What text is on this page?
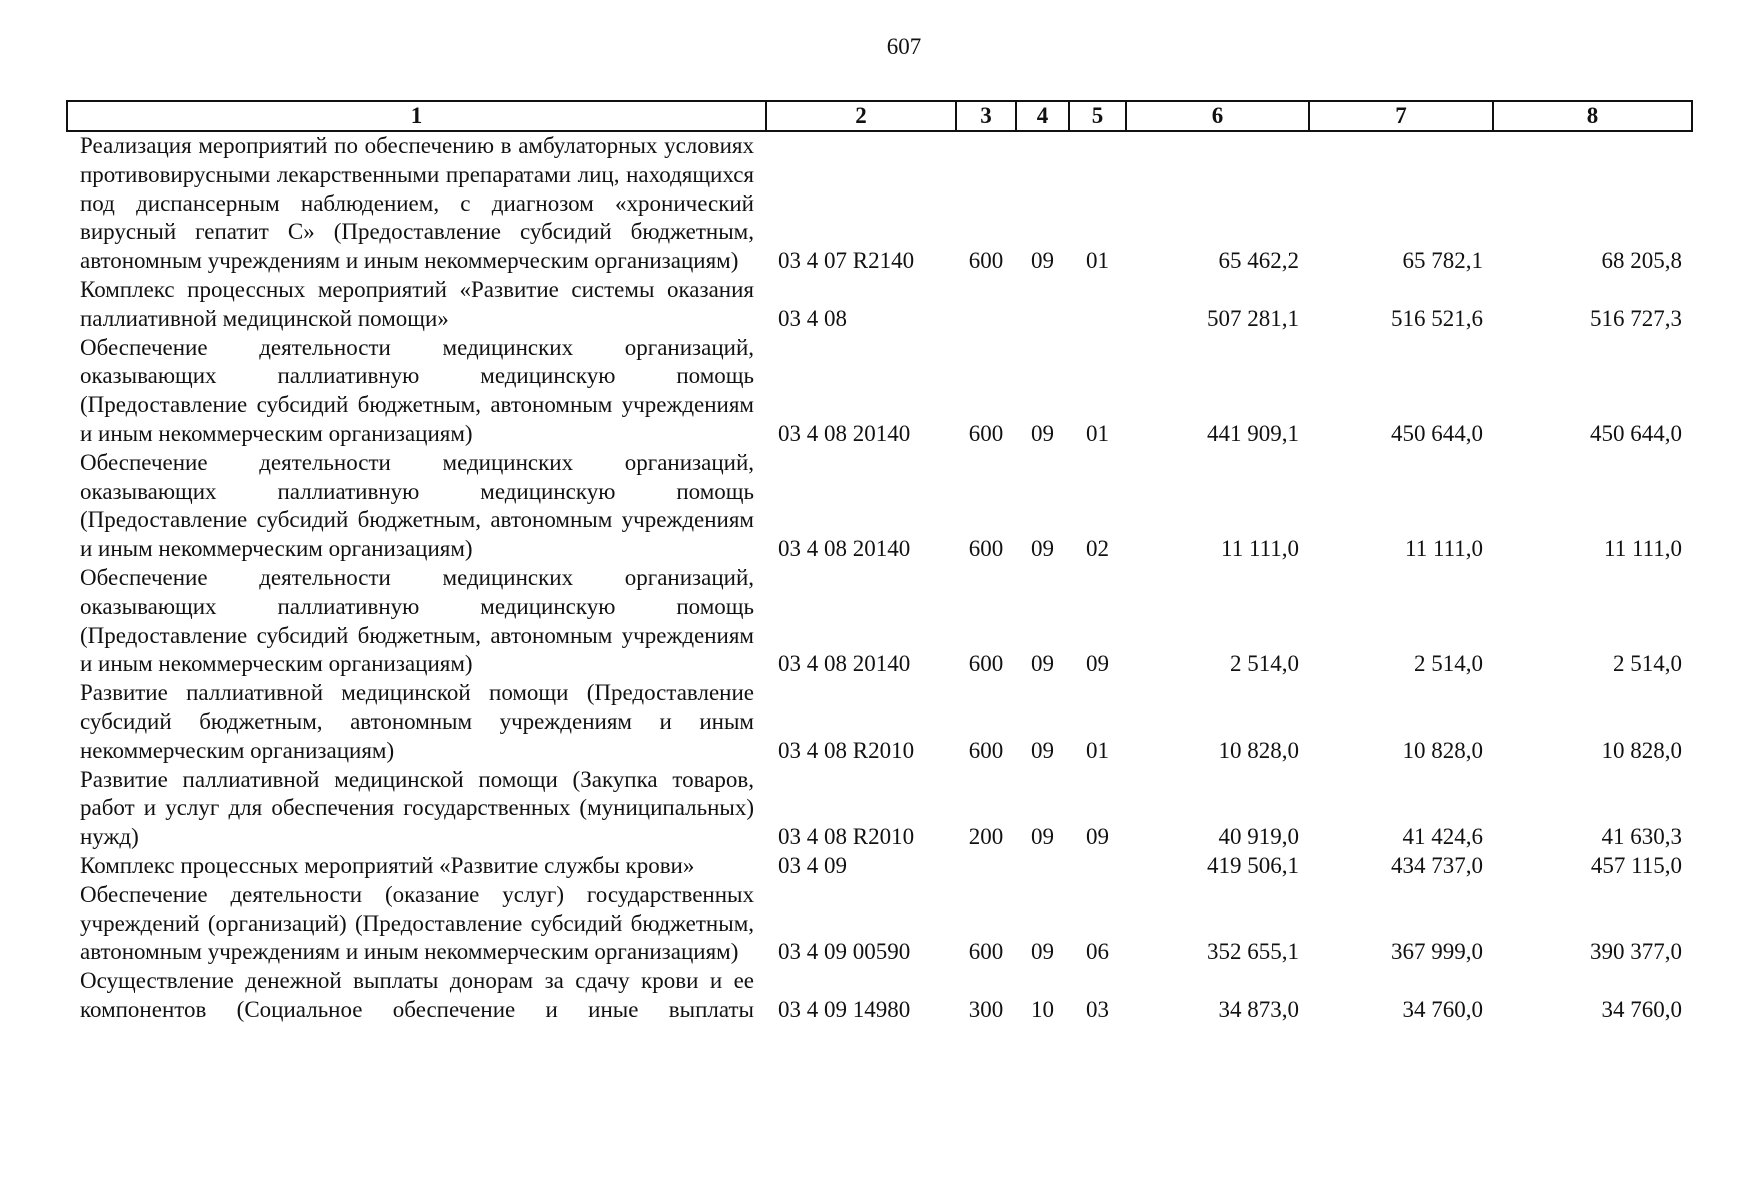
607
1	2	3	4	5	6	7	8
Реализация мероприятий по обеспечению в амбулаторных условиях противовирусными лекарственными препаратами лиц, находящихся под диспансерным наблюдением, с диагнозом «хронический вирусный гепатит С» (Предоставление субсидий бюджетным, автономным учреждениям и иным некоммерческим организациям)	03 4 07 R2140	600	09	01	65 462,2	65 782,1	68 205,8
Комплекс процессных мероприятий «Развитие системы оказания паллиативной медицинской помощи»	03 4 08				507 281,1	516 521,6	516 727,3
Обеспечение деятельности медицинских организаций, оказывающих паллиативную медицинскую помощь (Предоставление субсидий бюджетным, автономным учреждениям и иным некоммерческим организациям)	03 4 08 20140	600	09	01	441 909,1	450 644,0	450 644,0
Обеспечение деятельности медицинских организаций, оказывающих паллиативную медицинскую помощь (Предоставление субсидий бюджетным, автономным учреждениям и иным некоммерческим организациям)	03 4 08 20140	600	09	02	11 111,0	11 111,0	11 111,0
Обеспечение деятельности медицинских организаций, оказывающих паллиативную медицинскую помощь (Предоставление субсидий бюджетным, автономным учреждениям и иным некоммерческим организациям)	03 4 08 20140	600	09	09	2 514,0	2 514,0	2 514,0
Развитие паллиативной медицинской помощи (Предоставление субсидий бюджетным, автономным учреждениям и иным некоммерческим организациям)	03 4 08 R2010	600	09	01	10 828,0	10 828,0	10 828,0
Развитие паллиативной медицинской помощи (Закупка товаров, работ и услуг для обеспечения государственных (муниципальных) нужд)	03 4 08 R2010	200	09	09	40 919,0	41 424,6	41 630,3
Комплекс процессных мероприятий «Развитие службы крови»	03 4 09				419 506,1	434 737,0	457 115,0
Обеспечение деятельности (оказание услуг) государственных учреждений (организаций) (Предоставление субсидий бюджетным, автономным учреждениям и иным некоммерческим организациям)	03 4 09 00590	600	09	06	352 655,1	367 999,0	390 377,0
Осуществление денежной выплаты донорам за сдачу крови и ее компонентов (Социальное обеспечение и иные выплаты	03 4 09 14980	300	10	03	34 873,0	34 760,0	34 760,0
